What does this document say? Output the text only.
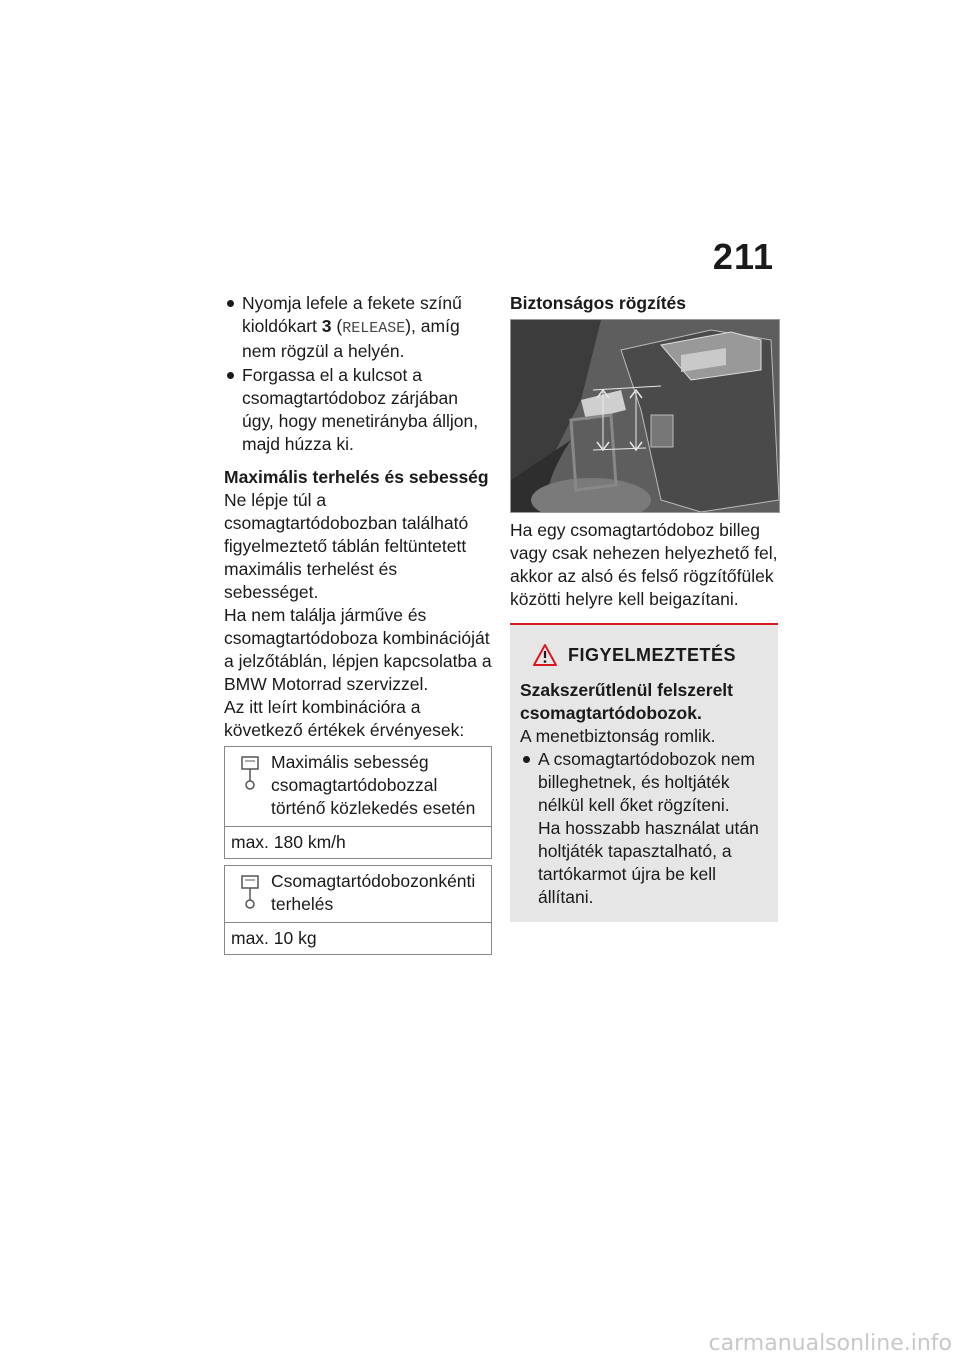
211
Nyomja lefele a fekete színű kioldókart 3 (RELEASE), amíg nem rögzül a helyén.
Forgassa el a kulcsot a csomagtartódoboz zárjában úgy, hogy menetirányba álljon, majd húzza ki.
Maximális terhelés és sebesség

Ne lépje túl a csomagtartódobozban található figyelmeztető táblán feltüntetett maximális terhelést és sebességet.

Ha nem találja járműve és csomagtartódoboza kombinációját a jelzőtáblán, lépjen kapcsolatba a BMW Motorrad szervizzel.

Az itt leírt kombinációra a következő értékek érvényesek:

Maximális sebesség csomagtartódobozzal történő közlekedés esetén
max. 180 km/h
Csomagtartódobozonkénti terhelés
max. 10 kg
Biztonságos rögzítés

Ha egy csomagtartódoboz billeg vagy csak nehezen helyezhető fel, akkor az alsó és felső rögzítőfülek közötti helyre kell beigazítani.

FIGYELMEZTETÉS
Szakszerűtlenül felszerelt csomagtartódobozok.

A menetbiztonság romlik.

A csomagtartódobozok nem billeghetnek, és holtjáték nélkül kell őket rögzíteni.
Ha hosszabb használat után holtjáték tapasztalható, a tartókarmot újra be kell állítani.
carmanualsonline.info
